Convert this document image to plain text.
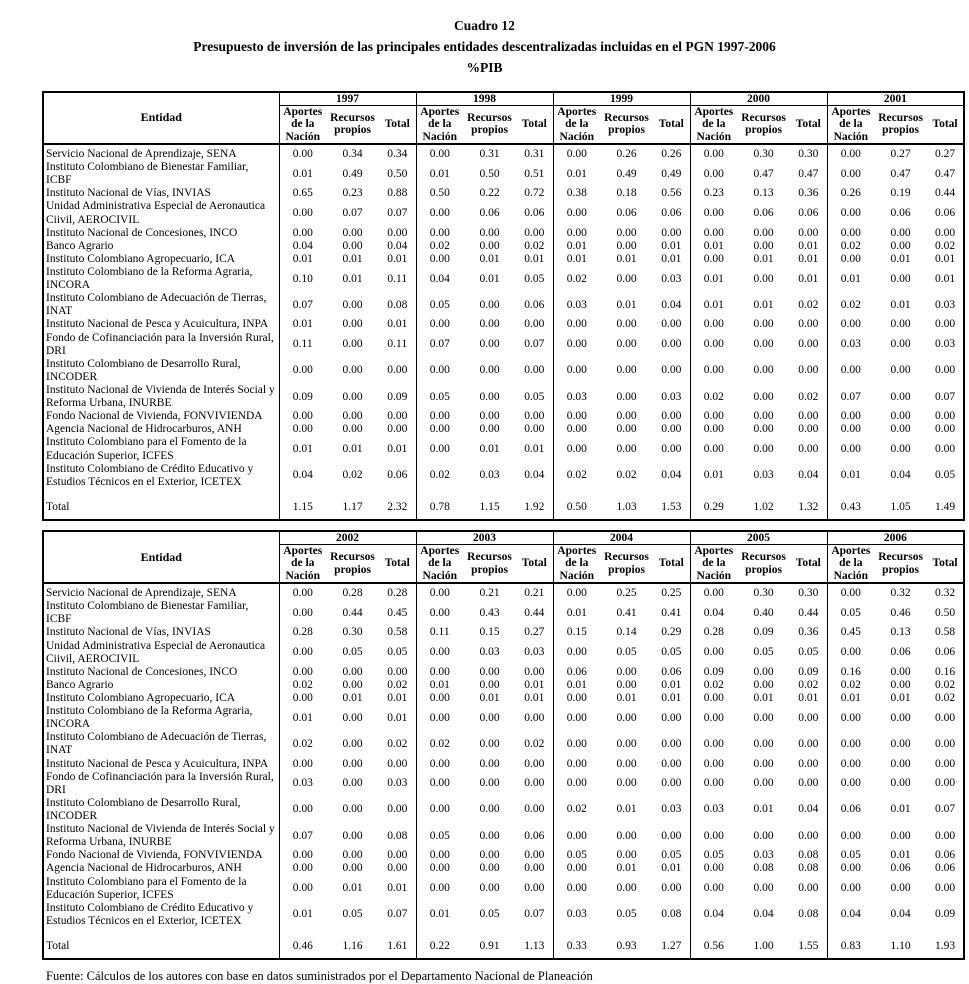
Cuadro 12
Presupuesto de inversión de las principales entidades descentralizadas incluidas en el PGN 1997-2006
%PIB
Entidad	1997			1998			1999			2000			2001		
	Aportes de la Nación	Recursos propios	Total	Aportes de la Nación	Recursos propios	Total	Aportes de la Nación	Recursos propios	Total	Aportes de la Nación	Recursos propios	Total	Aportes de la Nación	Recursos propios	Total
Servicio Nacional de Aprendizaje, SENA	0.00	0.34	0.34	0.00	0.31	0.31	0.00	0.26	0.26	0.00	0.30	0.30	0.00	0.27	0.27
Instituto Colombiano de Bienestar Familiar, ICBF	0.01	0.49	0.50	0.01	0.50	0.51	0.01	0.49	0.49	0.00	0.47	0.47	0.00	0.47	0.47
Instituto Nacional de Vías, INVIAS	0.65	0.23	0.88	0.50	0.22	0.72	0.38	0.18	0.56	0.23	0.13	0.36	0.26	0.19	0.44
Unidad Administrativa Especial de Aeronautica Ciivil, AEROCIVIL	0.00	0.07	0.07	0.00	0.06	0.06	0.00	0.06	0.06	0.00	0.06	0.06	0.00	0.06	0.06
Instituto Nacional de Concesiones, INCO	0.00	0.00	0.00	0.00	0.00	0.00	0.00	0.00	0.00	0.00	0.00	0.00	0.00	0.00	0.00
Banco Agrario	0.04	0.00	0.04	0.02	0.00	0.02	0.01	0.00	0.01	0.01	0.00	0.01	0.02	0.00	0.02
Instituto Colombiano Agropecuario, ICA	0.01	0.01	0.01	0.00	0.01	0.01	0.01	0.01	0.01	0.00	0.01	0.01	0.00	0.01	0.01
Instituto Colombiano de la Reforma Agraria, INCORA	0.10	0.01	0.11	0.04	0.01	0.05	0.02	0.00	0.03	0.01	0.00	0.01	0.01	0.00	0.01
Instituto Colombiano de Adecuación de Tierras, INAT	0.07	0.00	0.08	0.05	0.00	0.06	0.03	0.01	0.04	0.01	0.01	0.02	0.02	0.01	0.03
Instituto Nacional de Pesca y Acuicultura, INPA	0.01	0.00	0.01	0.00	0.00	0.00	0.00	0.00	0.00	0.00	0.00	0.00	0.00	0.00	0.00
Fondo de Cofinanciación para la Inversión Rural, DRI	0.11	0.00	0.11	0.07	0.00	0.07	0.00	0.00	0.00	0.00	0.00	0.00	0.03	0.00	0.03
Instituto Colombiano de Desarrollo Rural, INCODER	0.00	0.00	0.00	0.00	0.00	0.00	0.00	0.00	0.00	0.00	0.00	0.00	0.00	0.00	0.00
Instituto Nacional de Vivienda de Interés Social y Reforma Urbana, INURBE	0.09	0.00	0.09	0.05	0.00	0.05	0.03	0.00	0.03	0.02	0.00	0.02	0.07	0.00	0.07
Fondo Nacional de Vivienda, FONVIVIENDA	0.00	0.00	0.00	0.00	0.00	0.00	0.00	0.00	0.00	0.00	0.00	0.00	0.00	0.00	0.00
Agencia Nacional de Hidrocarburos, ANH	0.00	0.00	0.00	0.00	0.00	0.00	0.00	0.00	0.00	0.00	0.00	0.00	0.00	0.00	0.00
Instituto Colombiano para el Fomento de la Educación Superior, ICFES	0.01	0.01	0.01	0.00	0.01	0.01	0.00	0.00	0.00	0.00	0.00	0.00	0.00	0.00	0.00
Instituto Colombiano de Crédito Educativo y Estudios Técnicos en el Exterior, ICETEX	0.04	0.02	0.06	0.02	0.03	0.04	0.02	0.02	0.04	0.01	0.03	0.04	0.01	0.04	0.05
Total	1.15	1.17	2.32	0.78	1.15	1.92	0.50	1.03	1.53	0.29	1.02	1.32	0.43	1.05	1.49
Entidad	2002			2003			2004			2005			2006		
	Aportes de la Nación	Recursos propios	Total	Aportes de la Nación	Recursos propios	Total	Aportes de la Nación	Recursos propios	Total	Aportes de la Nación	Recursos propios	Total	Aportes de la Nación	Recursos propios	Total
Servicio Nacional de Aprendizaje, SENA	0.00	0.28	0.28	0.00	0.21	0.21	0.00	0.25	0.25	0.00	0.30	0.30	0.00	0.32	0.32
Instituto Colombiano de Bienestar Familiar, ICBF	0.00	0.44	0.45	0.00	0.43	0.44	0.01	0.41	0.41	0.04	0.40	0.44	0.05	0.46	0.50
Instituto Nacional de Vías, INVIAS	0.28	0.30	0.58	0.11	0.15	0.27	0.15	0.14	0.29	0.28	0.09	0.36	0.45	0.13	0.58
Unidad Administrativa Especial de Aeronautica Ciivil, AEROCIVIL	0.00	0.05	0.05	0.00	0.03	0.03	0.00	0.05	0.05	0.00	0.05	0.05	0.00	0.06	0.06
Instituto Nacional de Concesiones, INCO	0.00	0.00	0.00	0.00	0.00	0.00	0.06	0.00	0.06	0.09	0.00	0.09	0.16	0.00	0.16
Banco Agrario	0.02	0.00	0.02	0.01	0.00	0.01	0.01	0.00	0.01	0.02	0.00	0.02	0.02	0.00	0.02
Instituto Colombiano Agropecuario, ICA	0.00	0.01	0.01	0.00	0.01	0.01	0.00	0.01	0.01	0.00	0.01	0.01	0.01	0.01	0.02
Instituto Colombiano de la Reforma Agraria, INCORA	0.01	0.00	0.01	0.00	0.00	0.00	0.00	0.00	0.00	0.00	0.00	0.00	0.00	0.00	0.00
Instituto Colombiano de Adecuación de Tierras, INAT	0.02	0.00	0.02	0.02	0.00	0.02	0.00	0.00	0.00	0.00	0.00	0.00	0.00	0.00	0.00
Instituto Nacional de Pesca y Acuicultura, INPA	0.00	0.00	0.00	0.00	0.00	0.00	0.00	0.00	0.00	0.00	0.00	0.00	0.00	0.00	0.00
Fondo de Cofinanciación para la Inversión Rural, DRI	0.03	0.00	0.03	0.00	0.00	0.00	0.00	0.00	0.00	0.00	0.00	0.00	0.00	0.00	0.00
Instituto Colombiano de Desarrollo Rural, INCODER	0.00	0.00	0.00	0.00	0.00	0.00	0.02	0.01	0.03	0.03	0.01	0.04	0.06	0.01	0.07
Instituto Nacional de Vivienda de Interés Social y Reforma Urbana, INURBE	0.07	0.00	0.08	0.05	0.00	0.06	0.00	0.00	0.00	0.00	0.00	0.00	0.00	0.00	0.00
Fondo Nacional de Vivienda, FONVIVIENDA	0.00	0.00	0.00	0.00	0.00	0.00	0.05	0.00	0.05	0.05	0.03	0.08	0.05	0.01	0.06
Agencia Nacional de Hidrocarburos, ANH	0.00	0.00	0.00	0.00	0.00	0.00	0.00	0.01	0.01	0.00	0.08	0.08	0.00	0.06	0.06
Instituto Colombiano para el Fomento de la Educación Superior, ICFES	0.00	0.01	0.01	0.00	0.00	0.00	0.00	0.00	0.00	0.00	0.00	0.00	0.00	0.00	0.00
Instituto Colombiano de Crédito Educativo y Estudios Técnicos en el Exterior, ICETEX	0.01	0.05	0.07	0.01	0.05	0.07	0.03	0.05	0.08	0.04	0.04	0.08	0.04	0.04	0.09
Total	0.46	1.16	1.61	0.22	0.91	1.13	0.33	0.93	1.27	0.56	1.00	1.55	0.83	1.10	1.93
Fuente: Cálculos de los autores con base en datos suministrados por el Departamento Nacional de Planeación
